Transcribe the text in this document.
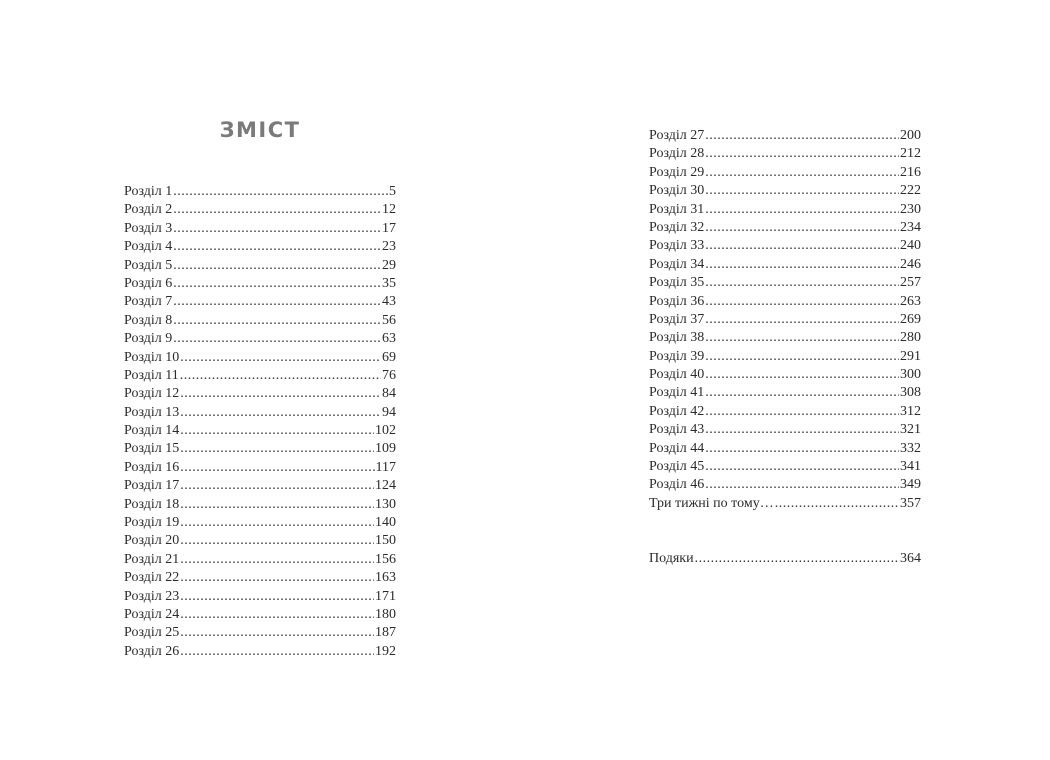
ЗМІСТ
Розділ 1 .....	5
Розділ 2 .....	12
Розділ 3 .....	17
Розділ 4 .....	23
Розділ 5 .....	29
Розділ 6 .....	35
Розділ 7 .....	43
Розділ 8 .....	56
Розділ 9 .....	63
Розділ 10 .....	69
Розділ 11 .....	76
Розділ 12 .....	84
Розділ 13 .....	94
Розділ 14 .....	102
Розділ 15 .....	109
Розділ 16 .....	117
Розділ 17 .....	124
Розділ 18 .....	130
Розділ 19 .....	140
Розділ 20 .....	150
Розділ 21 .....	156
Розділ 22 .....	163
Розділ 23 .....	171
Розділ 24 .....	180
Розділ 25 .....	187
Розділ 26 .....	192
Розділ 27 .....	200
Розділ 28 .....	212
Розділ 29 .....	216
Розділ 30 .....	222
Розділ 31 .....	230
Розділ 32 .....	234
Розділ 33 .....	240
Розділ 34 .....	246
Розділ 35 .....	257
Розділ 36 .....	263
Розділ 37 .....	269
Розділ 38 .....	280
Розділ 39 .....	291
Розділ 40 .....	300
Розділ 41 .....	308
Розділ 42 .....	312
Розділ 43 .....	321
Розділ 44 .....	332
Розділ 45 .....	341
Розділ 46 .....	349
Три тижні по тому… .....	357
Подяки .....	364
